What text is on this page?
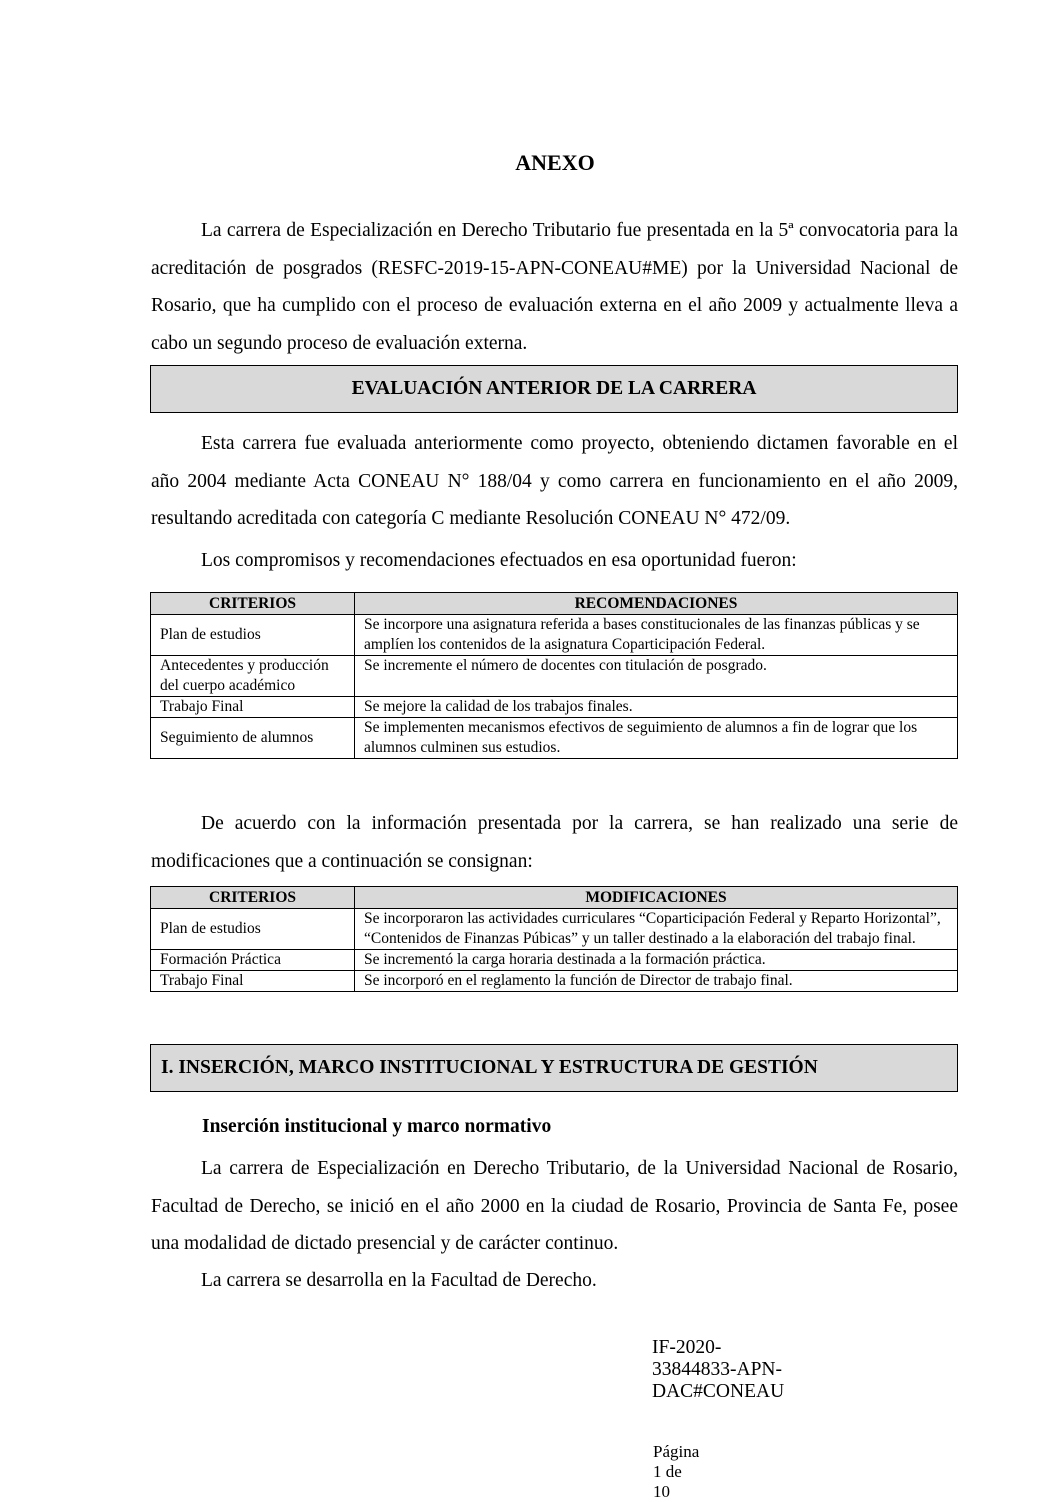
ANEXO
La carrera de Especialización en Derecho Tributario fue presentada en la 5ª convocatoria para la acreditación de posgrados (RESFC-2019-15-APN-CONEAU#ME) por la Universidad Nacional de Rosario, que ha cumplido con el proceso de evaluación externa en el año 2009 y actualmente lleva a cabo un segundo proceso de evaluación externa.
EVALUACIÓN ANTERIOR DE LA CARRERA
Esta carrera fue evaluada anteriormente como proyecto, obteniendo dictamen favorable en el año 2004 mediante Acta CONEAU N° 188/04 y como carrera en funcionamiento en el año 2009, resultando acreditada con categoría C mediante Resolución CONEAU N° 472/09.
Los compromisos y recomendaciones efectuados en esa oportunidad fueron:
CRITERIOS	RECOMENDACIONES
Plan de estudios	Se incorpore una asignatura referida a bases constitucionales de las finanzas públicas y se amplíen los contenidos de la asignatura Coparticipación Federal.
Antecedentes y producción del cuerpo académico	Se incremente el número de docentes con titulación de posgrado.
Trabajo Final	Se mejore la calidad de los trabajos finales.
Seguimiento de alumnos	Se implementen mecanismos efectivos de seguimiento de alumnos a fin de lograr que los alumnos culminen sus estudios.
De acuerdo con la información presentada por la carrera, se han realizado una serie de modificaciones que a continuación se consignan:
CRITERIOS	MODIFICACIONES
Plan de estudios	Se incorporaron las actividades curriculares “Coparticipación Federal y Reparto Horizontal”, “Contenidos de Finanzas Púbicas” y un taller destinado a la elaboración del trabajo final.
Formación Práctica	Se incrementó la carga horaria destinada a la formación práctica.
Trabajo Final	Se incorporó en el reglamento la función de Director de trabajo final.
I. INSERCIÓN, MARCO INSTITUCIONAL Y ESTRUCTURA DE GESTIÓN
Inserción institucional y marco normativo
La carrera de Especialización en Derecho Tributario, de la Universidad Nacional de Rosario, Facultad de Derecho, se inició en el año 2000 en la ciudad de Rosario, Provincia de Santa Fe, posee una modalidad de dictado presencial y de carácter continuo.
La carrera se desarrolla en la Facultad de Derecho.
IF-2020-33844833-APN-DAC#CONEAU
Página 1 de 10
